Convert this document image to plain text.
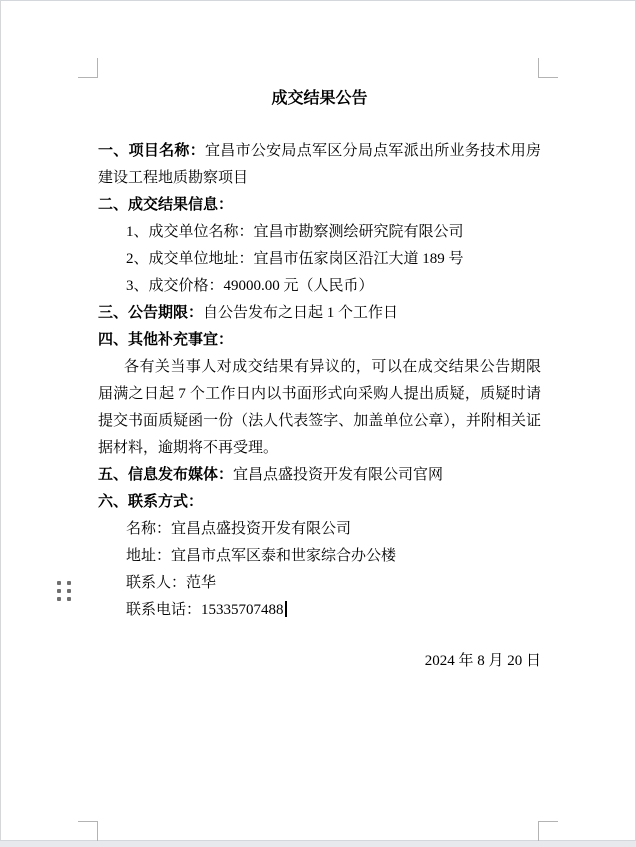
成交结果公告

一、项目名称：宜昌市公安局点军区分局点军派出所业务技术用房建设工程地质勘察项目

二、成交结果信息：

1、成交单位名称：宜昌市勘察测绘研究院有限公司

2、成交单位地址：宜昌市伍家岗区沿江大道 189 号

3、成交价格：49000.00 元（人民币）

三、公告期限：自公告发布之日起 1 个工作日

四、其他补充事宜：

各有关当事人对成交结果有异议的，可以在成交结果公告期限届满之日起 7 个工作日内以书面形式向采购人提出质疑，质疑时请提交书面质疑函一份（法人代表签字、加盖单位公章），并附相关证据材料，逾期将不再受理。

五、信息发布媒体：宜昌点盛投资开发有限公司官网

六、联系方式：

名称：宜昌点盛投资开发有限公司

地址：宜昌市点军区泰和世家综合办公楼

联系人：范华

联系电话：15335707488

2024 年 8 月 20 日
